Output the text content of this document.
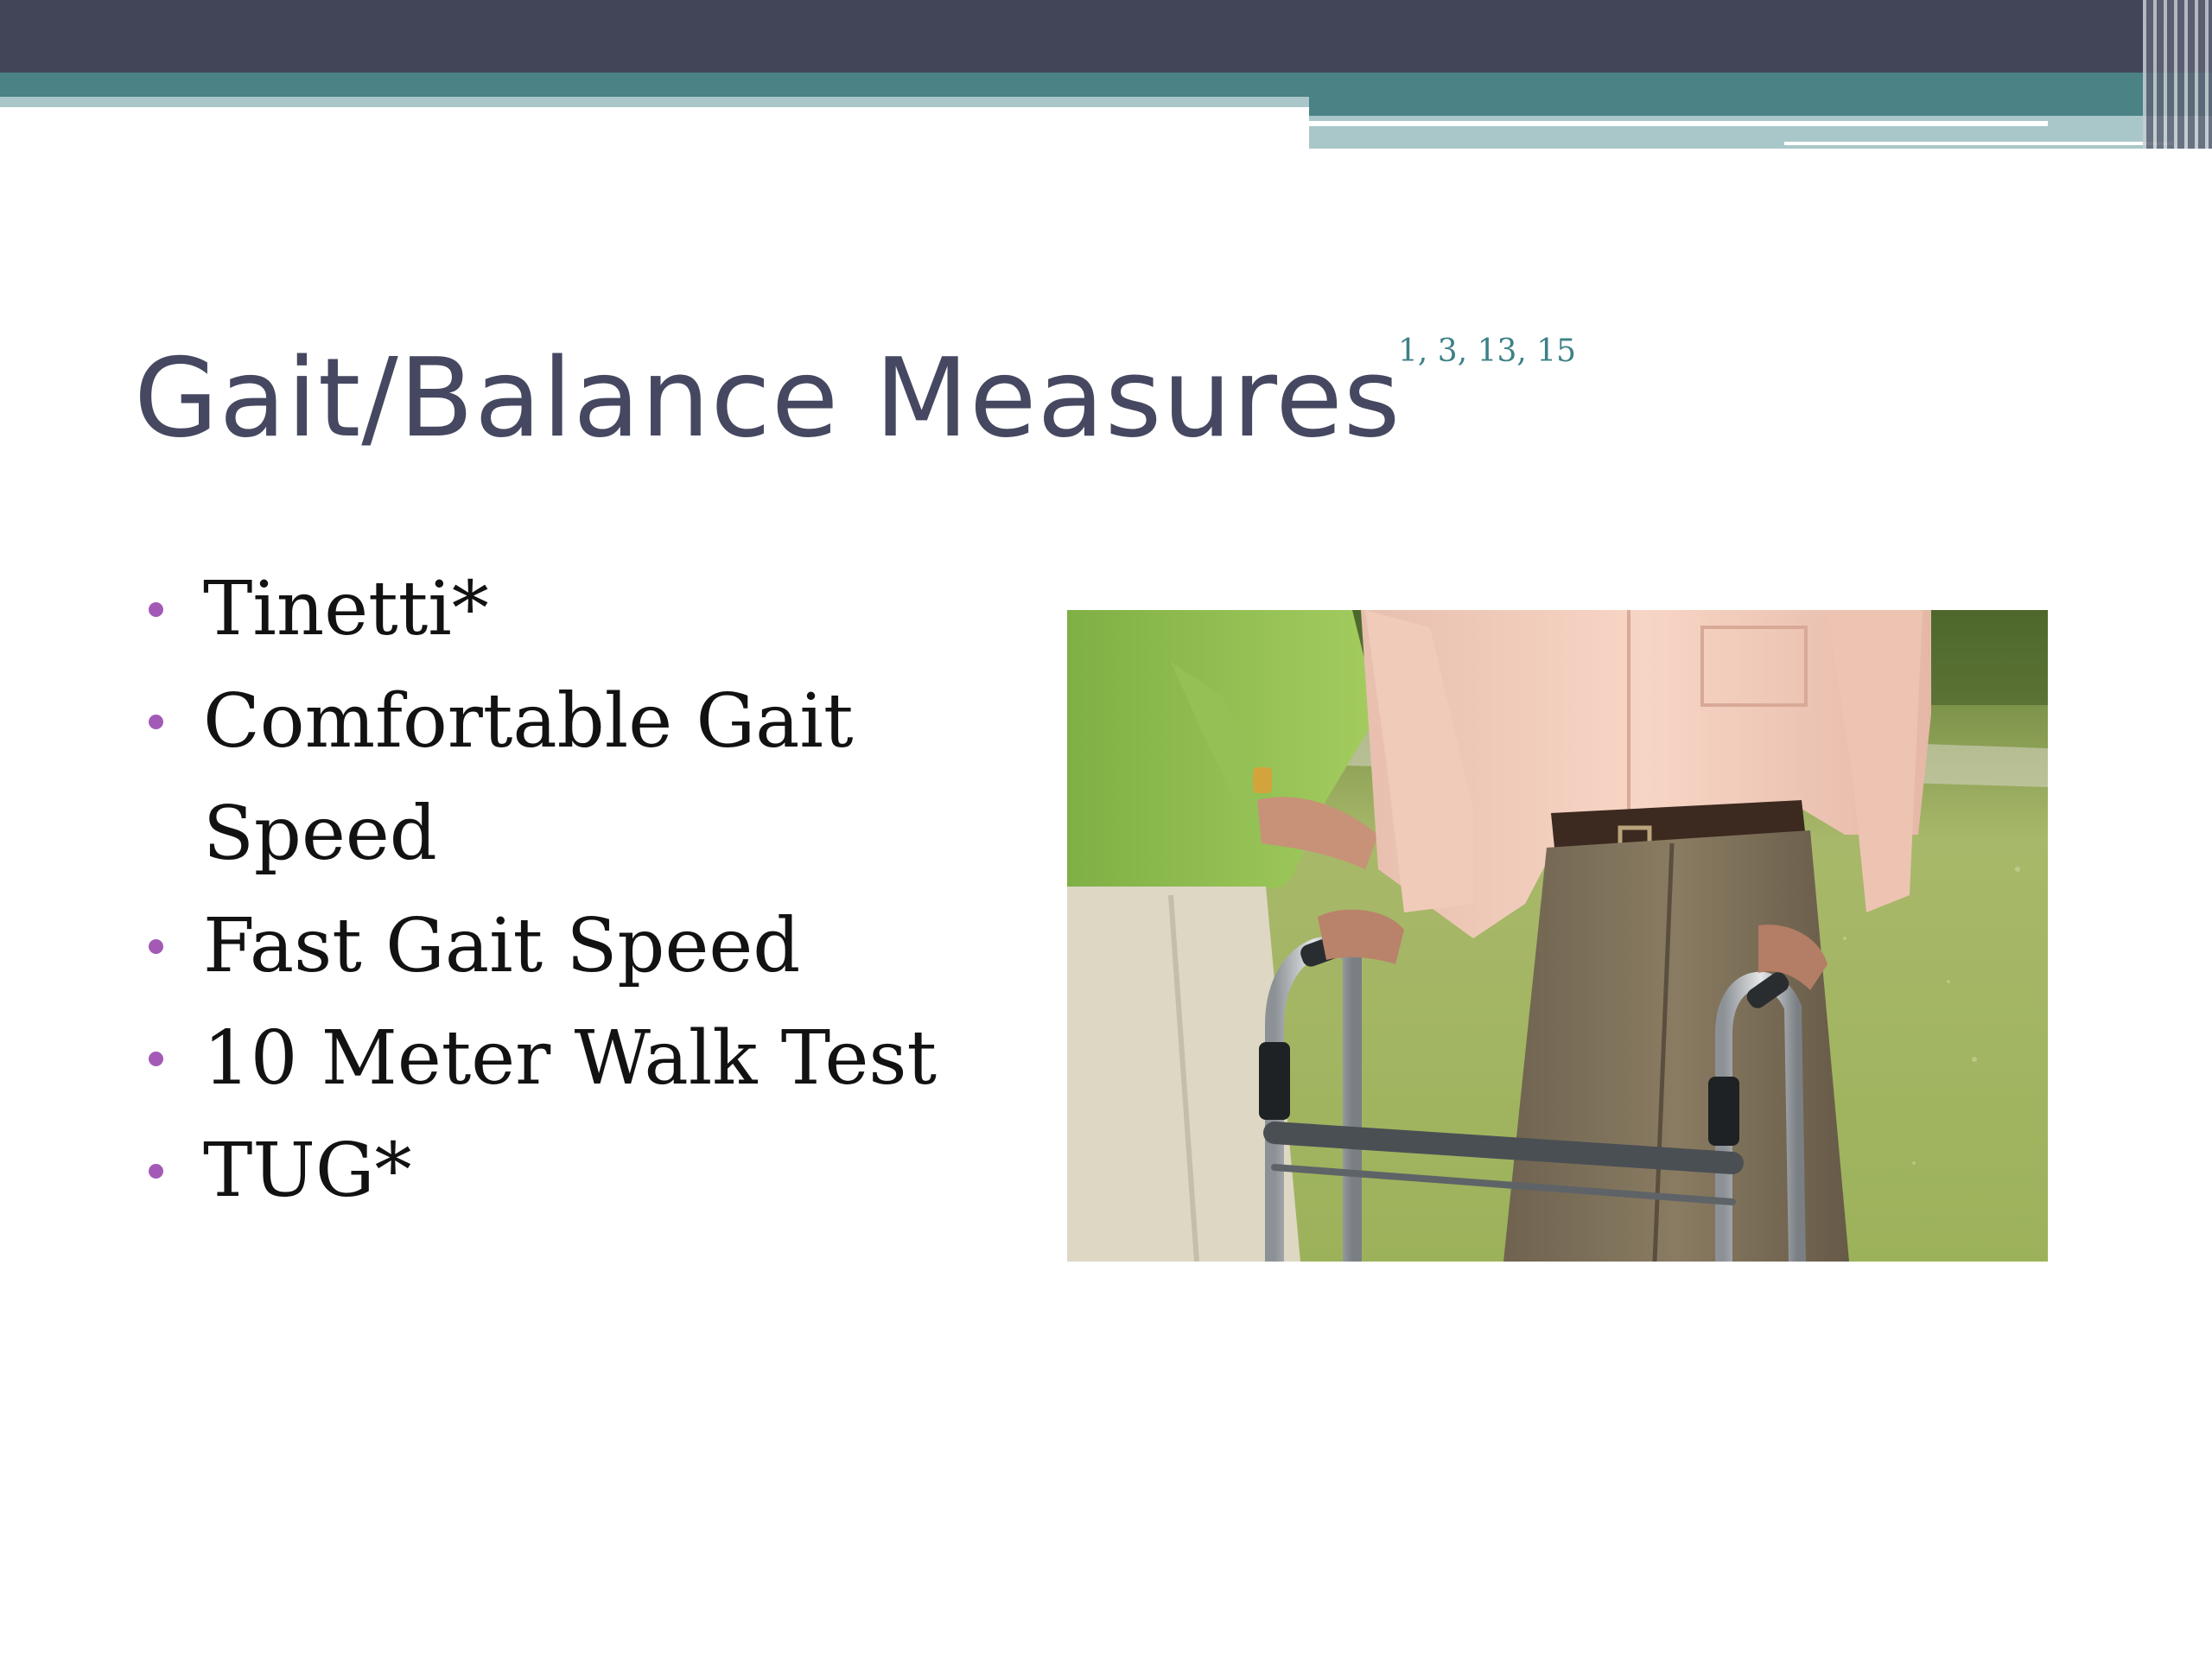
Gait/Balance Measures
1, 3, 13, 15
Tinetti*
Comfortable Gait Speed
Fast Gait Speed
10 Meter Walk Test
TUG*
